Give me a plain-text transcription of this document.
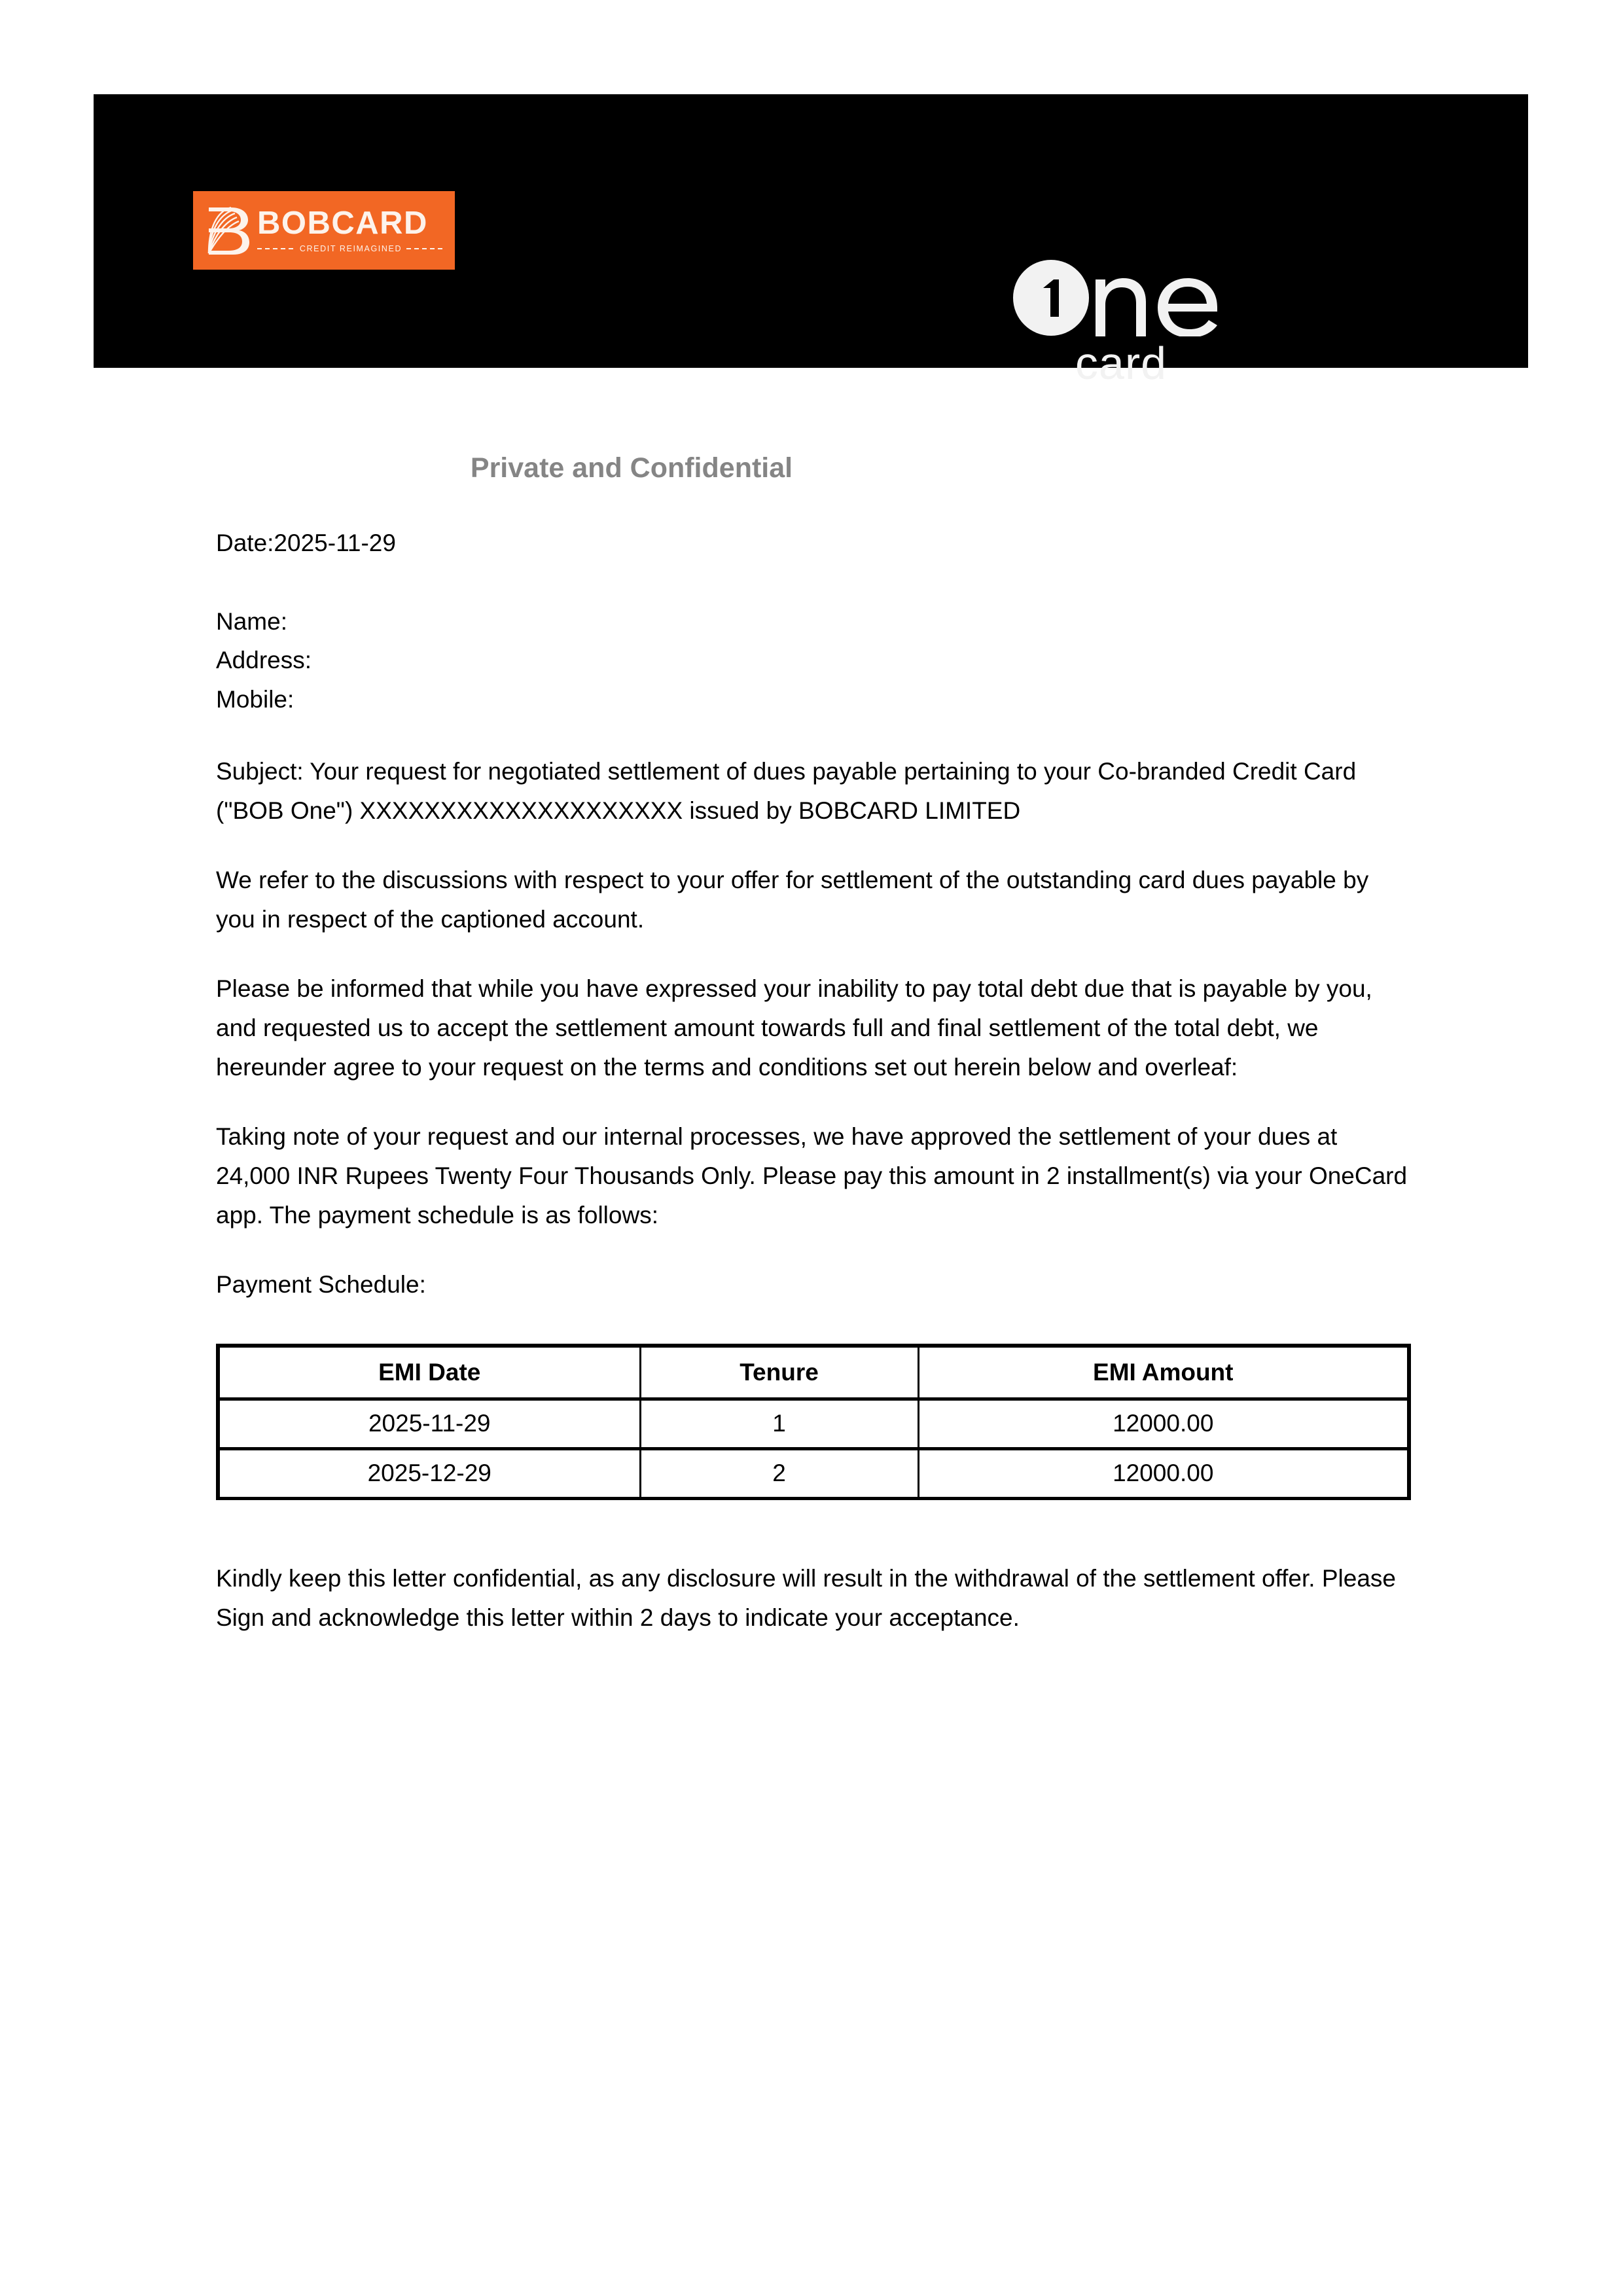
BOBCARD
CREDIT REIMAGINED
card
Private and Confidential

Date:2025-11-29

Name:

Address:

Mobile:

Subject: Your request for negotiated settlement of dues payable pertaining to your Co-branded Credit Card ("BOB One") XXXXXXXXXXXXXXXXXXXX issued by BOBCARD LIMITED

We refer to the discussions with respect to your offer for settlement of the outstanding card dues payable by you in respect of the captioned account.

Please be informed that while you have expressed your inability to pay total debt due that is payable by you, and requested us to accept the settlement amount towards full and final settlement of the total debt, we hereunder agree to your request on the terms and conditions set out herein below and overleaf:

Taking note of your request and our internal processes, we have approved the settlement of your dues at 24,000 INR Rupees Twenty Four Thousands Only. Please pay this amount in 2 installment(s) via your OneCard app. The payment schedule is as follows:

Payment Schedule:

EMI Date	Tenure	EMI Amount
2025-11-29	1	12000.00
2025-12-29	2	12000.00

Kindly keep this letter confidential, as any disclosure will result in the withdrawal of the settlement offer. Please Sign and acknowledge this letter within 2 days to indicate your acceptance.
